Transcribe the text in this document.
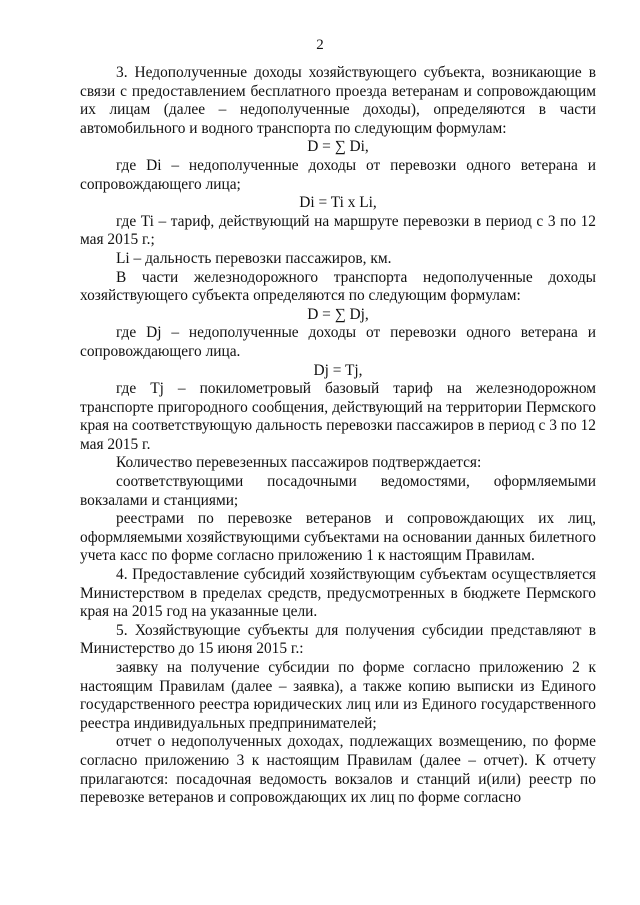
2

3. Недополученные доходы хозяйствующего субъекта, возникающие в связи с предоставлением бесплатного проезда ветеранам и сопровождающим их лицам (далее – недополученные доходы), определяются в части автомобильного и водного транспорта по следующим формулам:

D = ∑ Di,

где Di – недополученные доходы от перевозки одного ветерана и сопровождающего лица;

Di = Ti x Li,

где Ti – тариф, действующий на маршруте перевозки в период с 3 по 12 мая 2015 г.;

Li – дальность перевозки пассажиров, км.

В части железнодорожного транспорта недополученные доходы хозяйствующего субъекта определяются по следующим формулам:

D = ∑ Dj,

где Dj – недополученные доходы от перевозки одного ветерана и сопровождающего лица.

Dj = Tj,

где Tj – покилометровый базовый тариф на железнодорожном транспорте пригородного сообщения, действующий на территории Пермского края на соответствующую дальность перевозки пассажиров в период с 3 по 12 мая 2015 г.

Количество перевезенных пассажиров подтверждается:

соответствующими посадочными ведомостями, оформляемыми вокзалами и станциями;

реестрами по перевозке ветеранов и сопровождающих их лиц, оформляемыми хозяйствующими субъектами на основании данных билетного учета касс по форме согласно приложению 1 к настоящим Правилам.

4. Предоставление субсидий хозяйствующим субъектам осуществляется Министерством в пределах средств, предусмотренных в бюджете Пермского края на 2015 год на указанные цели.

5. Хозяйствующие субъекты для получения субсидии представляют в Министерство до 15 июня 2015 г.:

заявку на получение субсидии по форме согласно приложению 2 к настоящим Правилам (далее – заявка), а также копию выписки из Единого государственного реестра юридических лиц или из Единого государственного реестра индивидуальных предпринимателей;

отчет о недополученных доходах, подлежащих возмещению, по форме согласно приложению 3 к настоящим Правилам (далее – отчет). К отчету прилагаются: посадочная ведомость вокзалов и станций и(или) реестр по перевозке ветеранов и сопровождающих их лиц по форме согласно
